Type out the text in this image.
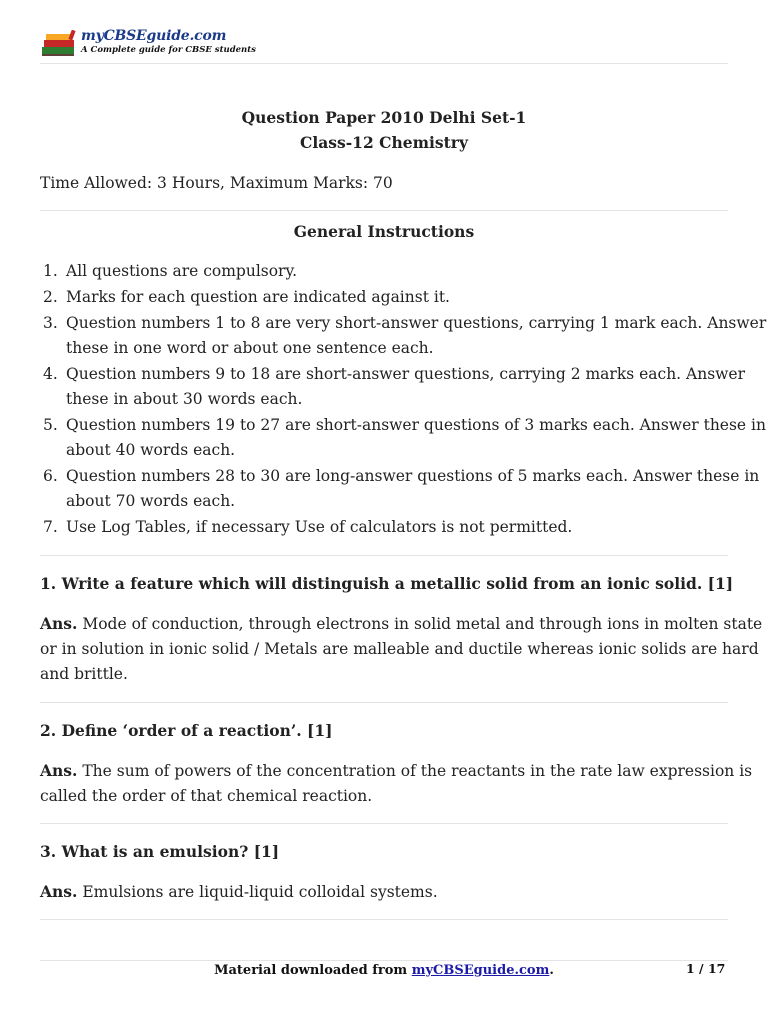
myCBSEguide.com
A Complete guide for CBSE students
Question Paper 2010 Delhi Set-1
Class-12 Chemistry
Time Allowed: 3 Hours, Maximum Marks: 70
General Instructions
1. All questions are compulsory.
2. Marks for each question are indicated against it.
3. Question numbers 1 to 8 are very short-answer questions, carrying 1 mark each. Answer
these in one word or about one sentence each.
4. Question numbers 9 to 18 are short-answer questions, carrying 2 marks each. Answer
these in about 30 words each.
5. Question numbers 19 to 27 are short-answer questions of 3 marks each. Answer these in
about 40 words each.
6. Question numbers 28 to 30 are long-answer questions of 5 marks each. Answer these in
about 70 words each.
7. Use Log Tables, if necessary Use of calculators is not permitted.
1. Write a feature which will distinguish a metallic solid from an ionic solid. [1]
Ans. Mode of conduction, through electrons in solid metal and through ions in molten state
or in solution in ionic solid / Metals are malleable and ductile whereas ionic solids are hard
and brittle.
2. Define ‘order of a reaction’. [1]
Ans. The sum of powers of the concentration of the reactants in the rate law expression is
called the order of that chemical reaction.
3. What is an emulsion? [1]
Ans. Emulsions are liquid-liquid colloidal systems.
Material downloaded from myCBSEguide.com.	1 / 17
